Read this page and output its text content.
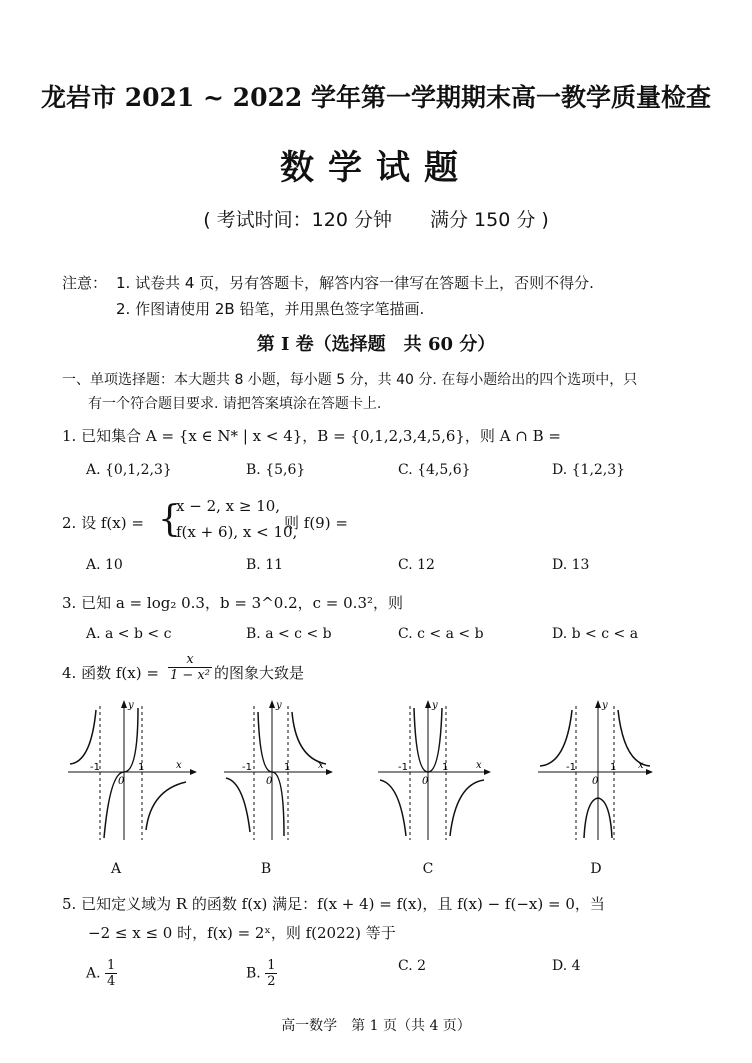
龙岩市 2021 ~ 2022 学年第一学期期末高一教学质量检查
数学试题
( 考试时间：120 分钟　　满分 150 分 )
注意： 1. 试卷共 4 页，另有答题卡，解答内容一律写在答题卡上，否则不得分.
2. 作图请使用 2B 铅笔，并用黑色签字笔描画.
第 I 卷（选择题　共 60 分）
一、单项选择题：本大题共 8 小题，每小题 5 分，共 40 分. 在每小题给出的四个选项中，只
有一个符合题目要求. 请把答案填涂在答题卡上.
1. 已知集合 A = {x ∈ N* | x < 4}，B = {0,1,2,3,4,5,6}，则 A ∩ B =
A. {0,1,2,3}	B. {5,6}	C. {4,5,6}	D. {1,2,3}
2. 设 f(x) = {
x − 2, x ≥ 10,
f(x + 6), x < 10,
则 f(9) =
A. 10	B. 11	C. 12	D. 13
3. 已知 a = log₂ 0.3，b = 3^0.2，c = 0.3²，则
A. a < b < c	B. a < c < b	C. c < a < b	D. b < c < a
4. 函数 $f(x) = \frac{x}{\text{1 − x²}}$ 的图象大致是
-1	1
0
y
x	-1	1
0
y
x	-1	1
0
y
x	-1	1
0
y
x
A	B	C	D
5. 已知定义域为 R 的函数 f(x) 满足：f(x + 4) = f(x)，且 f(x) − f(−x) = 0，当
−2 ≤ x ≤ 0 时，f(x) = 2ˣ，则 f(2022) 等于
A. $\frac{1}{4}$	B. $\frac{1}{2}$	C. 2	D. 4
高一数学　第 1 页（共 4 页）
